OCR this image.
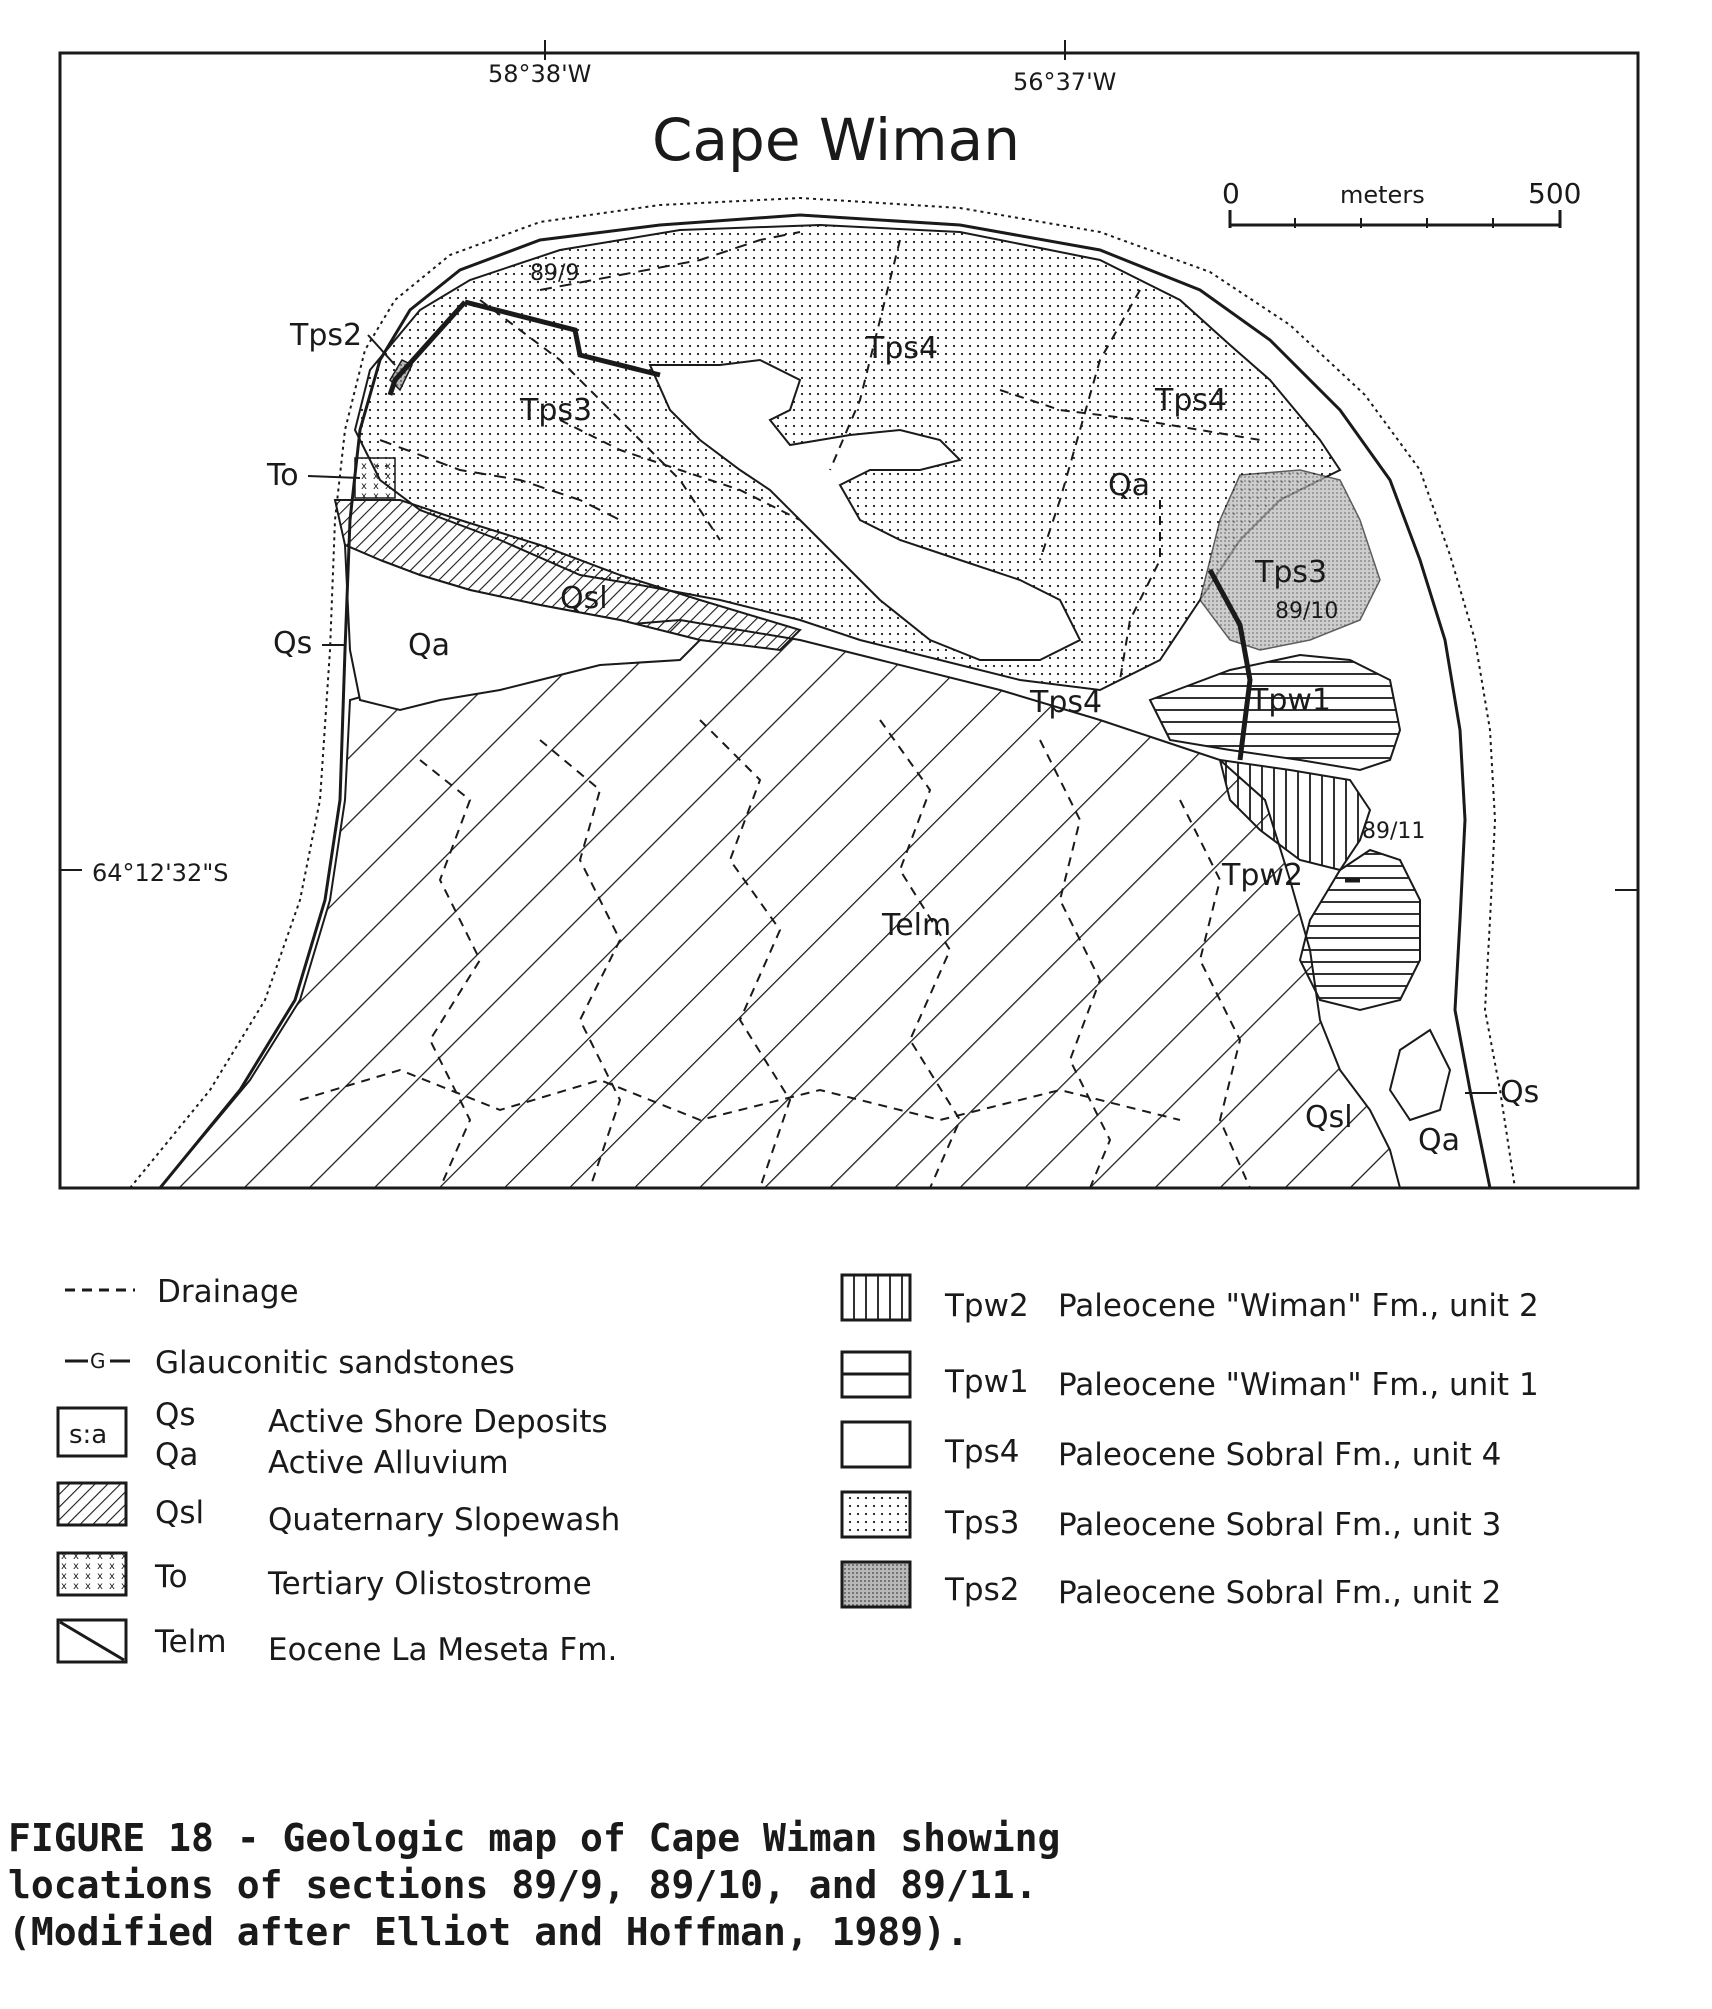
58°38'W	56°37'W
64°12'32"S
Cape Wiman
0	meters	500
89/9
89/10
89/11
Tps2
Tps3
Tps4
Tps4
To	Qa
Tps3
Qsl
Qs	Qa
Tps4	Tpw1
Tpw2
Telm
Qs
Qsl
Qa
Drainage
G Glauconitic sandstones
s:a
Qs Active Shore Deposits
Qa Active Alluvium
Qsl Quaternary Slopewash
To	Tertiary Olistostrome
Telm Eocene La Meseta Fm.
Tpw2 Paleocene "Wiman" Fm., unit 2
Tpw1 Paleocene "Wiman" Fm., unit 1
Tps4 Paleocene Sobral Fm., unit 4
Tps3 Paleocene Sobral Fm., unit 3
Tps2 Paleocene Sobral Fm., unit 2
FIGURE 18 - Geologic map of Cape Wiman showing
locations of sections 89/9, 89/10, and 89/11.
(Modified after Elliot and Hoffman, 1989).
